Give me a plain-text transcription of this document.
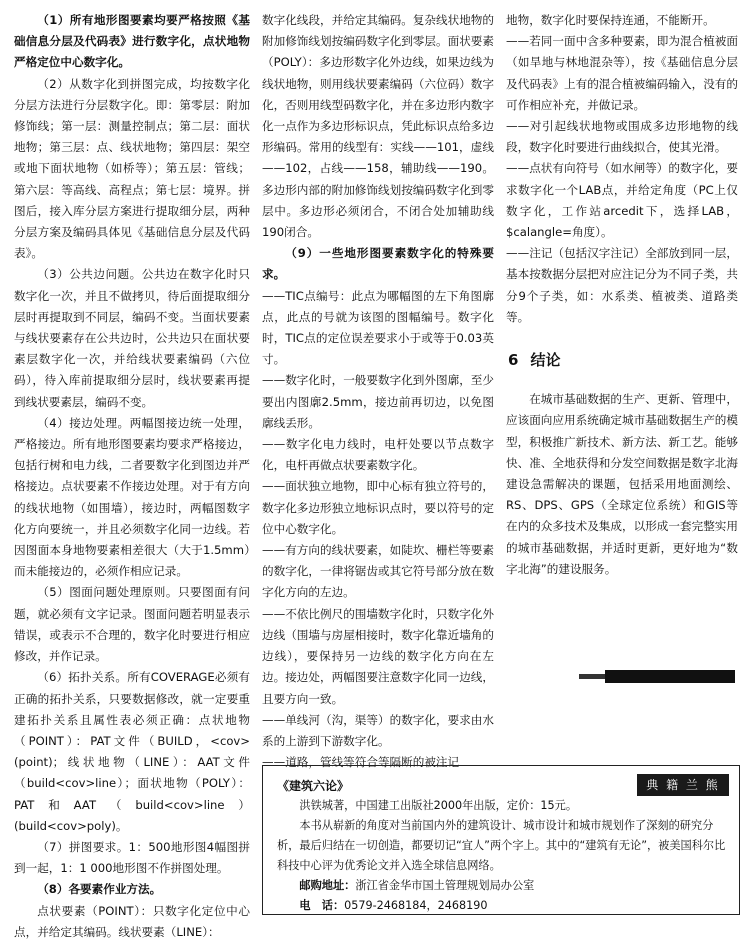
（1）所有地形图要素均要严格按照《基础信息分层及代码表》进行数字化，点状地物严格定位中心数字化。

（2）从数字化到拼图完成，均按数字化分层方法进行分层数字化。即：第零层：附加修饰线；第一层：测量控制点；第二层：面状地物；第三层：点、线状地物；第四层：架空或地下面状地物（如桥等）；第五层：管线；第六层：等高线、高程点；第七层：境界。拼图后，接入库分层方案进行提取细分层，两种分层方案及编码具体见《基础信息分层及代码表》。

（3）公共边问题。公共边在数字化时只数字化一次，并且不做拷贝，待后面提取细分层时再提取到不同层，编码不变。当面状要素与线状要素存在公共边时，公共边只在面状要素层数字化一次，并给线状要素编码（六位码），待入库前提取细分层时，线状要素再提到线状要素层，编码不变。

（4）接边处理。两幅图接边统一处理，严格接边。所有地形图要素均要求严格接边，包括行树和电力线，二者要数字化到图边并严格接边。点状要素不作接边处理。对于有方向的线状地物（如围墙），接边时，两幅图数字化方向要统一，并且必须数字化同一边线。若因图面本身地物要素相差很大（大于1.5mm）而未能接边的，必须作相应记录。

（5）图面问题处理原则。只要图面有问题，就必须有文字记录。图面问题若明显表示错误，或表示不合理的，数字化时要进行相应修改，并作记录。

（6）拓扑关系。所有COVERAGE必须有正确的拓扑关系，只要数据修改，就一定要重建拓扑关系且属性表必须正确：点状地物（POINT）：PAT文件（BUILD，<cov>(point)；线状地物（LINE）：AAT文件（build<cov>line）；面状地物（POLY）：PAT和AAT（build<cov>line）(build<cov>poly)。

（7）拼图要求。1：500地形图4幅图拼到一起，1：1 000地形图不作拼图处理。

（8）各要素作业方法。

点状要素（POINT）：只数字化定位中心点，并给定其编码。线状要素（LINE）：

数字化线段，并给定其编码。复杂线状地物的附加修饰线划按编码数字化到零层。面状要素（POLY）：多边形数字化外边线，如果边线为线状地物，则用线状要素编码（六位码）数字化，否则用线型码数字化，并在多边形内数字化一点作为多边形标识点，凭此标识点给多边形编码。常用的线型有：实线——101，虚线——102，占线——158，辅助线——190。多边形内部的附加修饰线划按编码数字化到零层中。多边形必须闭合，不闭合处加辅助线190闭合。

（9）一些地形图要素数字化的特殊要求。

——TIC点编号：此点为哪幅图的左下角图廓点，此点的号就为该图的图幅编号。数字化时，TIC点的定位误差要求小于或等于0.03英寸。

——数字化时，一般要数字化到外图廓，至少要出内图廓2.5mm，接边前再切边，以免图廓线丢形。

——数字化电力线时，电杆处要以节点数字化，电杆再做点状要素数字化。

——面状独立地物，即中心标有独立符号的，数字化多边形独立地标识点时，要以符号的定位中心数字化。

——有方向的线状要素，如陡坎、栅栏等要素的数字化，一律将锯齿或其它符号部分放在数字化方向的左边。

——不依比例尺的围墙数字化时，只数字化外边线（围墙与房屋相接时，数字化靠近墙角的边线），要保持另一边线的数字化方向在左边。接边处，两幅图要注意数字化同一边线，且要方向一致。

——单线河（沟，渠等）的数字化，要求由水系的上游到下游数字化。

——道路，管线等符合等隔断的被注记

地物，数字化时要保持连通，不能断开。

——若同一面中含多种要素，即为混合植被面（如旱地与林地混杂等），按《基础信息分层及代码表》上有的混合植被编码输入，没有的可作相应补充，并做记录。

——对引起线状地物或围成多边形地物的线段，数字化时要进行曲线拟合，使其光滑。

——点状有向符号（如水闸等）的数字化，要求数字化一个LAB点，并给定角度（PC上仅数字化，工作站arcedit下，选择LAB，$calangle=角度）。

——注记（包括汉字注记）全部放到同一层，基本按数据分层把对应注记分为不同子类，共分9个子类，如：水系类、植被类、道路类等。

6 结论

在城市基础数据的生产、更新、管理中，应该面向应用系统确定城市基础数据生产的模型，积极推广新技术、新方法、新工艺。能够快、准、全地获得和分发空间数据是数字北海建设急需解决的课题，包括采用地面测绘、RS、DPS、GPS（全球定位系统）和GIS等在内的众多技术及集成，以形成一套完整实用的城市基础数据，并适时更新，更好地为“数字北海”的建设服务。

典 籍 兰 熊

《建筑六论》

洪铁城著，中国建工出版社2000年出版，定价：15元。

本书从崭新的角度对当前国内外的建筑设计、城市设计和城市规划作了深刻的研究分析，最后归结在一切创造，都要切记“宜人”两个字上。其中的“建筑有无论”，被美国科尔比科技中心评为优秀论文并入选全球信息网络。

邮购地址：浙江省金华市国土管理规划局办公室

电　话：0579-2468184，2468190
